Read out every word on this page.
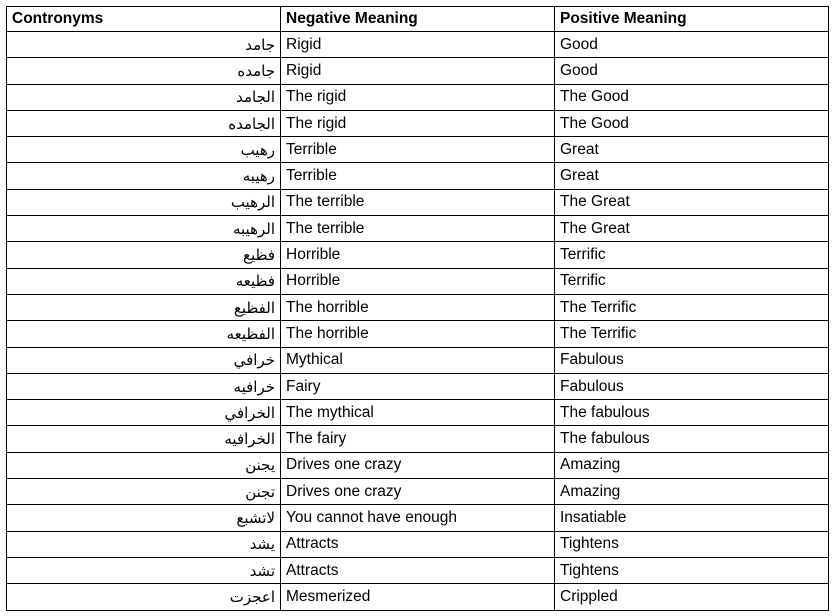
Contronyms	Negative Meaning	Positive Meaning
جامد	Rigid	Good
جامده	Rigid	Good
الجامد	The rigid	The Good
الجامده	The rigid	The Good
رهيب	Terrible	Great
رهيبه	Terrible	Great
الرهيب	The terrible	The Great
الرهيبه	The terrible	The Great
فظيع	Horrible	Terrific
فظيعه	Horrible	Terrific
الفظيع	The horrible	The Terrific
الفظيعه	The horrible	The Terrific
خرافي	Mythical	Fabulous
خرافيه	Fairy	Fabulous
الخرافي	The mythical	The fabulous
الخرافيه	The fairy	The fabulous
يجنن	Drives one crazy	Amazing
تجنن	Drives one crazy	Amazing
لاتشبع	You cannot have enough	Insatiable
يشد	Attracts	Tightens
تشد	Attracts	Tightens
اعجزت	Mesmerized	Crippled
